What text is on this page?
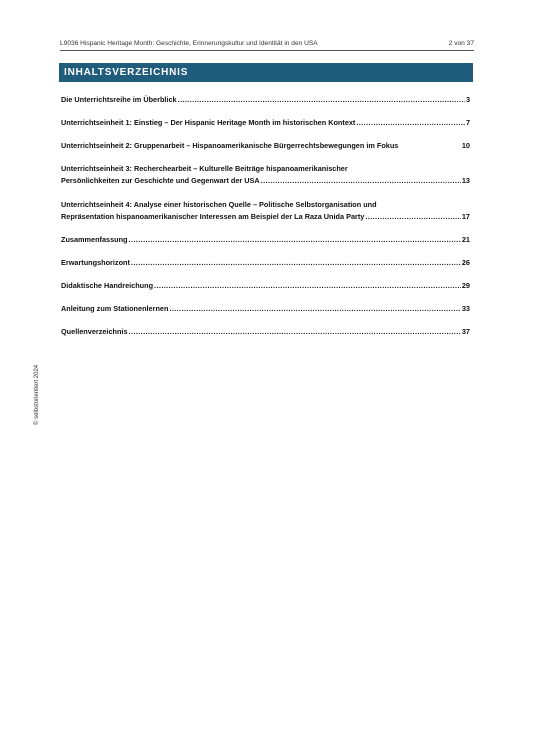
L9036 Hispanic Heritage Month: Geschichte, Erinnerungskultur und Identität in den USA	2 von 37
INHALTSVERZEICHNIS
Die Unterrichtsreihe im Überblick .....	3
Unterrichtseinheit 1: Einstieg – Der Hispanic Heritage Month im historischen Kontext .....	7
Unterrichtseinheit 2: Gruppenarbeit – Hispanoamerikanische Bürgerrechtsbewegungen im Fokus	10
Unterrichtseinheit 3: Recherchearbeit – Kulturelle Beiträge hispanoamerikanischer
Persönlichkeiten zur Geschichte und Gegenwart der USA .....	13
Unterrichtseinheit 4: Analyse einer historischen Quelle – Politische Selbstorganisation und
Repräsentation hispanoamerikanischer Interessen am Beispiel der La Raza Unida Party .....	17
Zusammenfassung .....	21
Erwartungshorizont .....	26
Didaktische Handreichung .....	29
Anleitung zum Stationenlernen .....	33
Quellenverzeichnis .....	37
© selbstorientiert 2024
